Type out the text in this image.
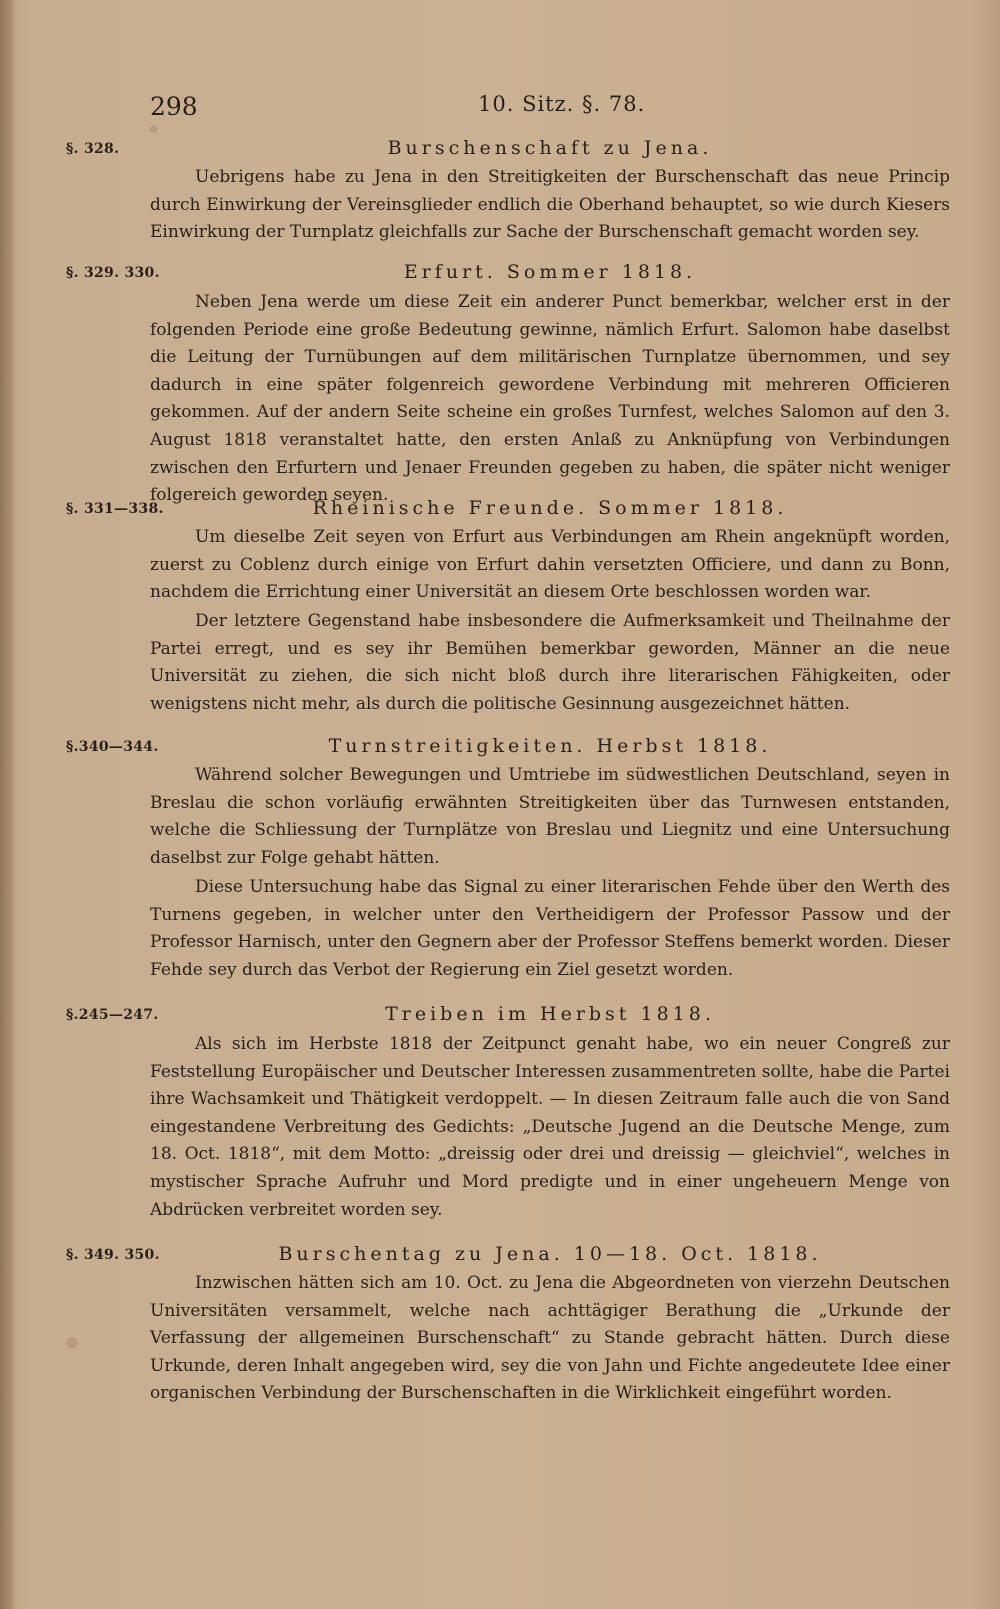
298	10. Sitz. §. 78.
§. 328.	Burschenschaft zu Jena.

Uebrigens habe zu Jena in den Streitigkeiten der Burschenschaft das neue Princip durch Einwirkung der Vereinsglieder endlich die Oberhand behauptet, so wie durch Kiesers Einwirkung der Turnplatz gleichfalls zur Sache der Burschenschaft gemacht worden sey.

§. 329. 330.	Erfurt. Sommer 1818.

Neben Jena werde um diese Zeit ein anderer Punct bemerkbar, welcher erst in der folgenden Periode eine große Bedeutung gewinne, nämlich Erfurt. Salomon habe daselbst die Leitung der Turnübungen auf dem militärischen Turnplatze übernommen, und sey dadurch in eine später folgenreich gewordene Verbindung mit mehreren Officieren gekommen. Auf der andern Seite scheine ein großes Turnfest, welches Salomon auf den 3. August 1818 veranstaltet hatte, den ersten Anlaß zu Anknüpfung von Verbindungen zwischen den Erfurtern und Jenaer Freunden gegeben zu haben, die später nicht weniger folgereich geworden seyen.

§. 331—338.	Rheinische Freunde. Sommer 1818.

Um dieselbe Zeit seyen von Erfurt aus Verbindungen am Rhein angeknüpft worden, zuerst zu Coblenz durch einige von Erfurt dahin versetzten Officiere, und dann zu Bonn, nachdem die Errichtung einer Universität an diesem Orte beschlossen worden war.

Der letztere Gegenstand habe insbesondere die Aufmerksamkeit und Theilnahme der Partei erregt, und es sey ihr Bemühen bemerkbar geworden, Männer an die neue Universität zu ziehen, die sich nicht bloß durch ihre literarischen Fähigkeiten, oder wenigstens nicht mehr, als durch die politische Gesinnung ausgezeichnet hätten.

§.340—344.	Turnstreitigkeiten. Herbst 1818.

Während solcher Bewegungen und Umtriebe im südwestlichen Deutschland, seyen in Breslau die schon vorläufig erwähnten Streitigkeiten über das Turnwesen entstanden, welche die Schliessung der Turnplätze von Breslau und Liegnitz und eine Untersuchung daselbst zur Folge gehabt hätten.

Diese Untersuchung habe das Signal zu einer literarischen Fehde über den Werth des Turnens gegeben, in welcher unter den Vertheidigern der Professor Passow und der Professor Harnisch, unter den Gegnern aber der Professor Steffens bemerkt worden. Dieser Fehde sey durch das Verbot der Regierung ein Ziel gesetzt worden.

§.245—247.	Treiben im Herbst 1818.

Als sich im Herbste 1818 der Zeitpunct genaht habe, wo ein neuer Congreß zur Feststellung Europäischer und Deutscher Interessen zusammentreten sollte, habe die Partei ihre Wachsamkeit und Thätigkeit verdoppelt. — In diesen Zeitraum falle auch die von Sand eingestandene Verbreitung des Gedichts: „Deutsche Jugend an die Deutsche Menge, zum 18. Oct. 1818“, mit dem Motto: „dreissig oder drei und dreissig — gleichviel“, welches in mystischer Sprache Aufruhr und Mord predigte und in einer ungeheuern Menge von Abdrücken verbreitet worden sey.

§. 349. 350.	Burschentag zu Jena. 10—18. Oct. 1818.

Inzwischen hätten sich am 10. Oct. zu Jena die Abgeordneten von vierzehn Deutschen Universitäten versammelt, welche nach achttägiger Berathung die „Urkunde der Verfassung der allgemeinen Burschenschaft“ zu Stande gebracht hätten. Durch diese Urkunde, deren Inhalt angegeben wird, sey die von Jahn und Fichte angedeutete Idee einer organischen Verbindung der Burschenschaften in die Wirklichkeit eingeführt worden.
